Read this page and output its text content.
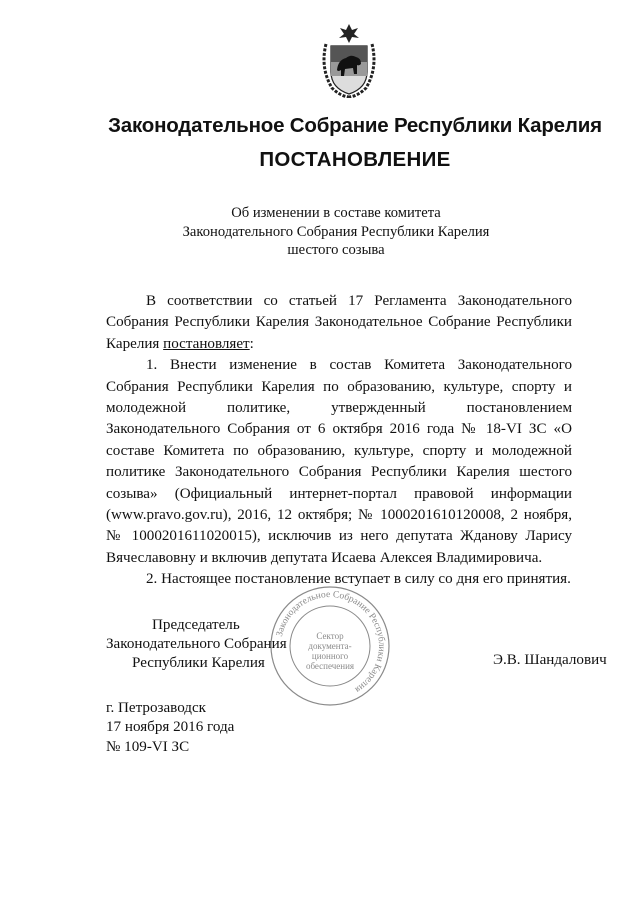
Законодательное Собрание Республики Карелия
ПОСТАНОВЛЕНИЕ
Об изменении в составе комитета
Законодательного Собрания Республики Карелия
шестого созыва

В соответствии со статьей 17 Регламента Законодательного Собрания Республики Карелия Законодательное Собрание Республики Карелия постановляет:

1. Внести изменение в состав Комитета Законодательного Собрания Республики Карелия по образованию, культуре, спорту и молодежной политике, утвержденный постановлением Законодательного Собрания от 6 октября 2016 года № 18-VI ЗС «О составе Комитета по образованию, культуре, спорту и молодежной политике Законодательного Собрания Республики Карелия шестого созыва» (Официальный интернет-портал правовой информации (www.pravo.gov.ru), 2016, 12 октября; № 1000201610120008, 2 ноября, № 1000201611020015), исключив из него депутата Жданову Ларису Вячеславовну и включив депутата Исаева Алексея Владимировича.

2. Настоящее постановление вступает в силу со дня его принятия.

Законодательное Собрание Республики Карелия
Сектор
документа-
ционного
обеспечения
Председатель
Законодательного Собрания
Республики Карелия	Э.В. Шандалович
г. Петрозаводск
17 ноября 2016 года
№ 109-VI ЗС
